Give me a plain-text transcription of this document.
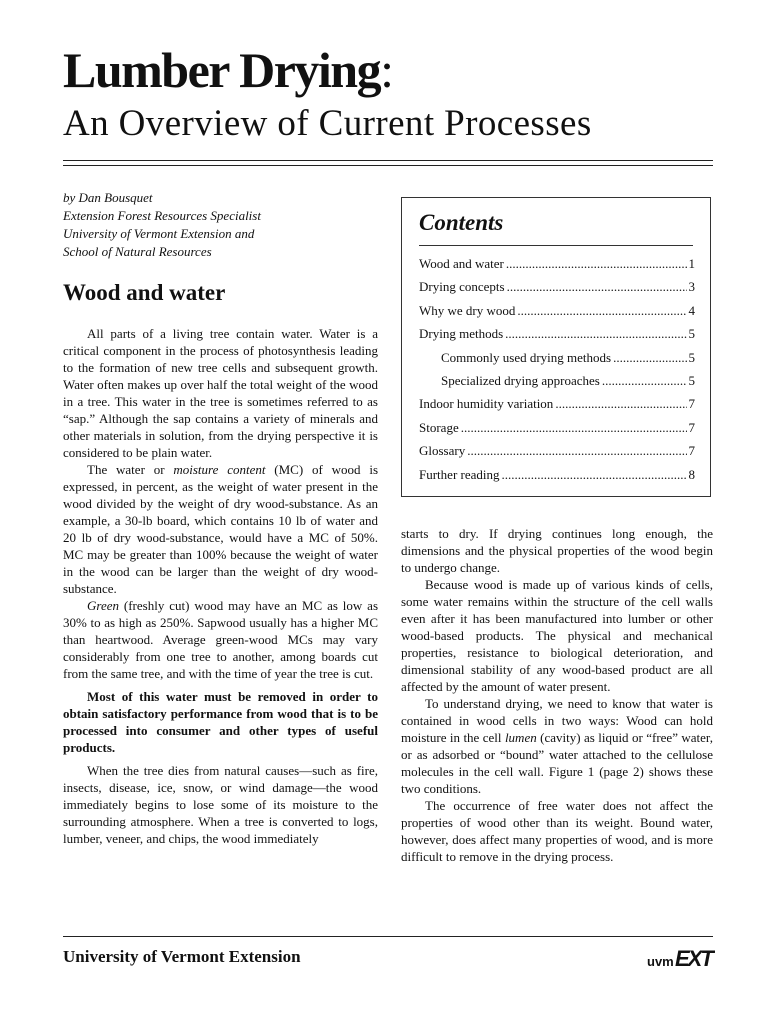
Lumber Drying:
An Overview of Current Processes
by Dan Bousquet
Extension Forest Resources Specialist
University of Vermont Extension and
School of Natural Resources
Wood and water

All parts of a living tree contain water. Water is a critical component in the process of photosynthesis leading to the formation of new tree cells and subsequent growth. Water often makes up over half the total weight of the wood in a tree. This water in the tree is sometimes referred to as “sap.” Although the sap contains a variety of minerals and other materials in solution, from the drying perspective it is considered to be plain water.

The water or moisture content (MC) of wood is expressed, in percent, as the weight of water present in the wood divided by the weight of dry wood-substance. As an example, a 30-lb board, which contains 10 lb of water and 20 lb of dry wood-substance, would have a MC of 50%. MC may be greater than 100% because the weight of water in the wood can be larger than the weight of dry wood-substance.

Green (freshly cut) wood may have an MC as low as 30% to as high as 250%. Sapwood usually has a higher MC than heartwood. Average green-wood MCs may vary considerably from one tree to another, among boards cut from the same tree, and with the time of year the tree is cut.

Most of this water must be removed in order to obtain satisfactory performance from wood that is to be processed into consumer and other types of useful products.

When the tree dies from natural causes—such as fire, insects, disease, ice, snow, or wind damage—the wood immediately begins to lose some of its moisture to the surrounding atmosphere. When a tree is converted to logs, lumber, veneer, and chips, the wood immediately

Contents
Wood and water .....	1
Drying concepts .....	3
Why we dry wood .....	4
Drying methods .....	5
Commonly used drying methods .....	5
Specialized drying approaches .....	5
Indoor humidity variation .....	7
Storage .....	7
Glossary .....	7
Further reading .....	8

starts to dry. If drying continues long enough, the dimensions and the physical properties of the wood begin to undergo change.

Because wood is made up of various kinds of cells, some water remains within the structure of the cell walls even after it has been manufactured into lumber or other wood-based products. The physical and mechanical properties, resistance to biological deterioration, and dimensional stability of any wood-based product are all affected by the amount of water present.

To understand drying, we need to know that water is contained in wood cells in two ways: Wood can hold moisture in the cell lumen (cavity) as liquid or “free” water, or as adsorbed or “bound” water attached to the cellulose molecules in the cell wall. Figure 1 (page 2) shows these two conditions.

The occurrence of free water does not affect the properties of wood other than its weight. Bound water, however, does affect many properties of wood, and is more difficult to remove in the drying process.

University of Vermont Extension	uvm EXT
